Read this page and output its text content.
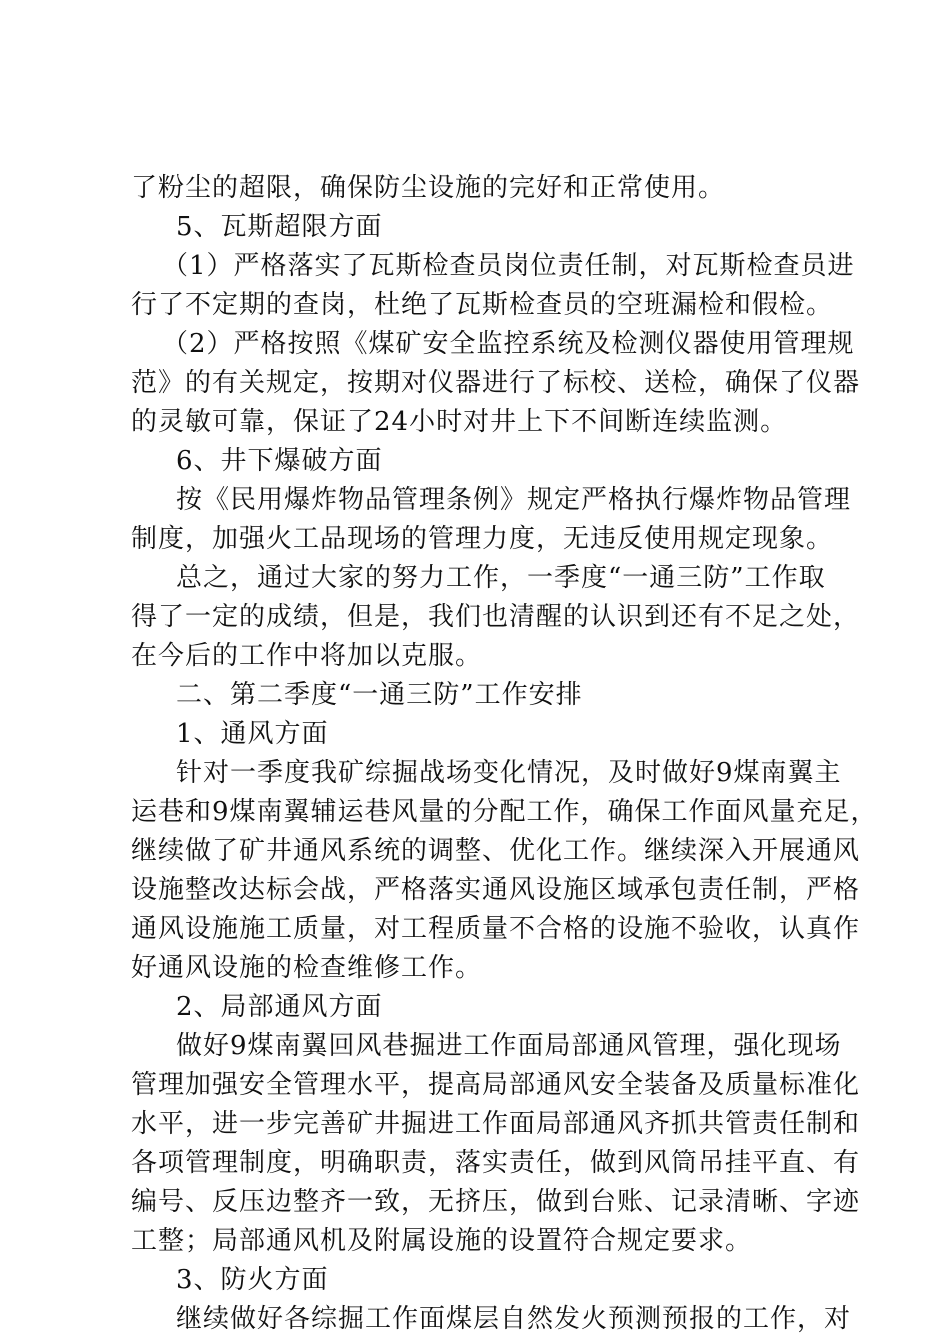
了粉尘的超限，确保防尘设施的完好和正常使用。
5、瓦斯超限方面
（1）严格落实了瓦斯检查员岗位责任制，对瓦斯检查员进
行了不定期的查岗，杜绝了瓦斯检查员的空班漏检和假检。
（2）严格按照《煤矿安全监控系统及检测仪器使用管理规
范》的有关规定，按期对仪器进行了标校、送检，确保了仪器
的灵敏可靠，保证了24小时对井上下不间断连续监测。
6、井下爆破方面
按《民用爆炸物品管理条例》规定严格执行爆炸物品管理
制度，加强火工品现场的管理力度，无违反使用规定现象。
总之，通过大家的努力工作，一季度“一通三防”工作取
得了一定的成绩，但是，我们也清醒的认识到还有不足之处，
在今后的工作中将加以克服。
二、第二季度“一通三防”工作安排
1、通风方面
针对一季度我矿综掘战场变化情况，及时做好9煤南翼主
运巷和9煤南翼辅运巷风量的分配工作，确保工作面风量充足，
继续做了矿井通风系统的调整、优化工作。继续深入开展通风
设施整改达标会战，严格落实通风设施区域承包责任制，严格
通风设施施工质量，对工程质量不合格的设施不验收，认真作
好通风设施的检查维修工作。
2、局部通风方面
做好9煤南翼回风巷掘进工作面局部通风管理，强化现场
管理加强安全管理水平，提高局部通风安全装备及质量标准化
水平，进一步完善矿井掘进工作面局部通风齐抓共管责任制和
各项管理制度，明确职责，落实责任，做到风筒吊挂平直、有
编号、反压边整齐一致，无挤压，做到台账、记录清晰、字迹
工整；局部通风机及附属设施的设置符合规定要求。
3、防火方面
继续做好各综掘工作面煤层自然发火预测预报的工作，对
